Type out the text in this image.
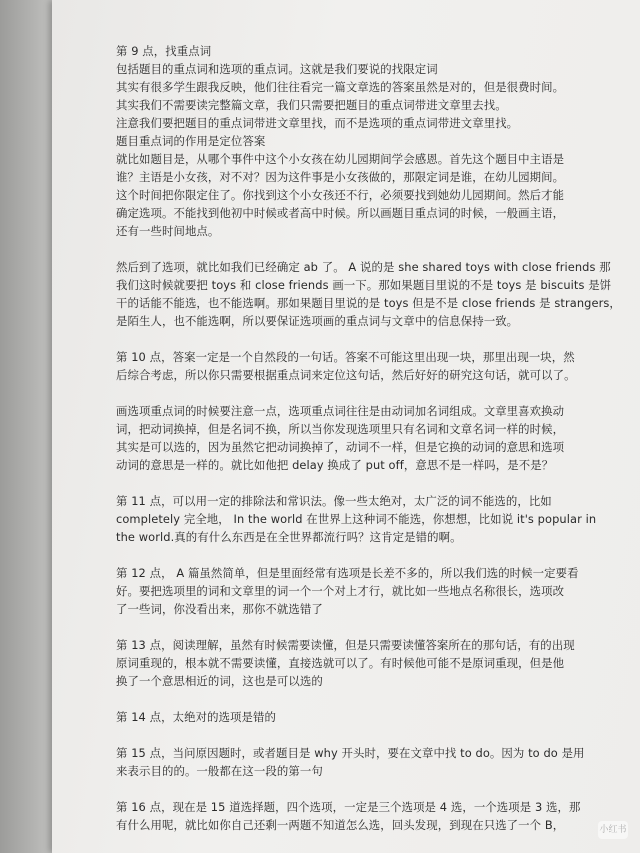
第 9 点，找重点词
包括题目的重点词和选项的重点词。这就是我们要说的找限定词
其实有很多学生跟我反映，他们往往看完一篇文章选的答案虽然是对的，但是很费时间。
其实我们不需要读完整篇文章，我们只需要把题目的重点词带进文章里去找。
注意我们要把题目的重点词带进文章里找，而不是选项的重点词带进文章里找。
题目重点词的作用是定位答案
就比如题目是，从哪个事件中这个小女孩在幼儿园期间学会感恩。首先这个题目中主语是
谁？主语是小女孩，对不对？因为这件事是小女孩做的，那限定词是谁，在幼儿园期间。
这个时间把你限定住了。你找到这个小女孩还不行，必须要找到她幼儿园期间。然后才能
确定选项。不能找到他初中时候或者高中时候。所以画题目重点词的时候，一般画主语，
还有一些时间地点。
然后到了选项，就比如我们已经确定 ab 了。 A 说的是 she shared toys with close friends 那
我们这时候就要把 toys 和 close friends 画一下。那如果题目里说的不是 toys 是 biscuits 是饼
干的话能不能选，也不能选啊。那如果题目里说的是 toys 但是不是 close friends 是 strangers，
是陌生人，也不能选啊，所以要保证选项画的重点词与文章中的信息保持一致。
第 10 点，答案一定是一个自然段的一句话。答案不可能这里出现一块，那里出现一块，然
后综合考虑，所以你只需要根据重点词来定位这句话，然后好好的研究这句话，就可以了。
画选项重点词的时候要注意一点，选项重点词往往是由动词加名词组成。文章里喜欢换动
词，把动词换掉，但是名词不换，所以当你发现选项里只有名词和文章名词一样的时候，
其实是可以选的，因为虽然它把动词换掉了，动词不一样，但是它换的动词的意思和选项
动词的意思是一样的。就比如他把 delay 换成了 put off，意思不是一样吗，是不是？
第 11 点，可以用一定的排除法和常识法。像一些太绝对，太广泛的词不能选的，比如
completely 完全地， In the world 在世界上这种词不能选，你想想，比如说 it's popular in
the world.真的有什么东西是在全世界都流行吗？这肯定是错的啊。
第 12 点， A 篇虽然简单，但是里面经常有选项是长差不多的，所以我们选的时候一定要看
好。要把选项里的词和文章里的词一个一个对上才行，就比如一些地点名称很长，选项改
了一些词，你没看出来，那你不就选错了
第 13 点，阅读理解，虽然有时候需要读懂，但是只需要读懂答案所在的那句话，有的出现
原词重现的，根本就不需要读懂，直接选就可以了。有时候他可能不是原词重现，但是他
换了一个意思相近的词，这也是可以选的
第 14 点，太绝对的选项是错的
第 15 点，当问原因题时，或者题目是 why 开头时，要在文章中找 to do。因为 to do 是用
来表示目的的。一般都在这一段的第一句
第 16 点，现在是 15 道选择题，四个选项，一定是三个选项是 4 选，一个选项是 3 选，那
有什么用呢，就比如你自己还剩一两题不知道怎么选，回头发现，到现在只选了一个 B，	小红书
